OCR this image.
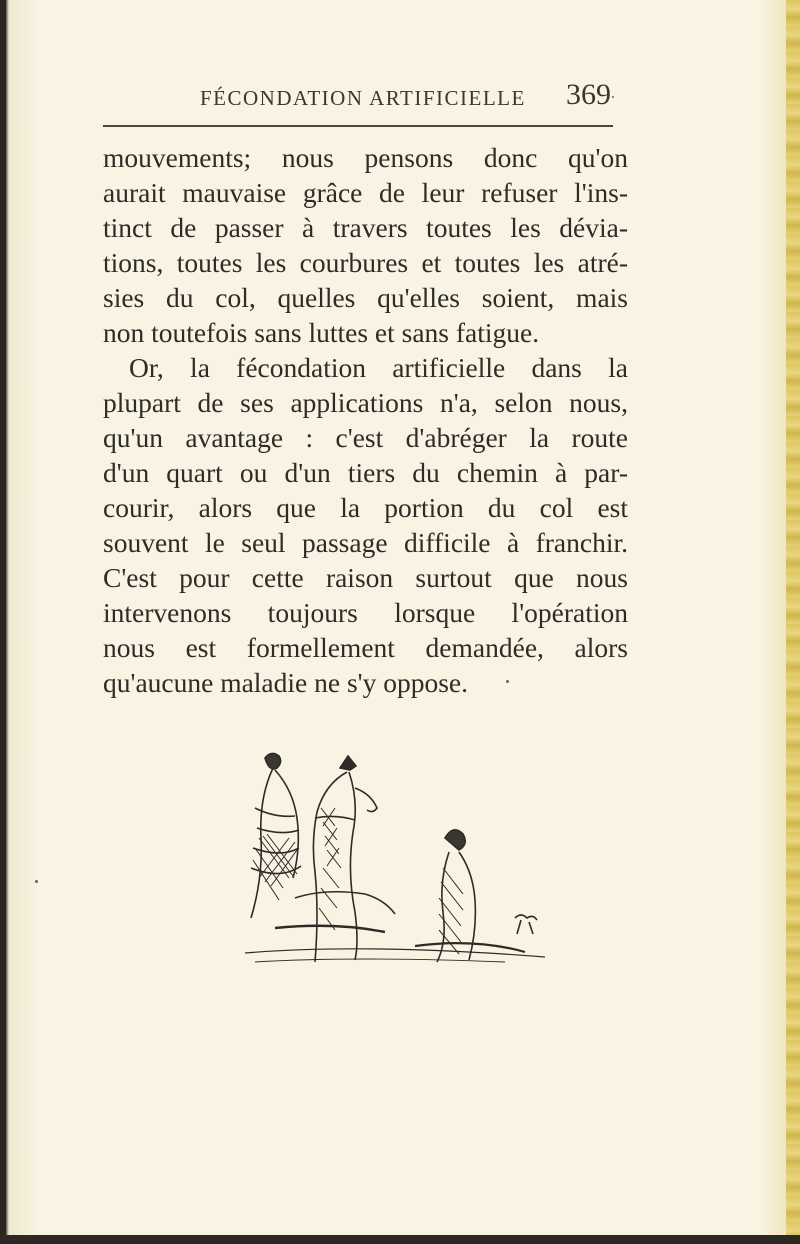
FÉCONDATION ARTIFICIELLE 369
mouvements; nous pensons donc qu'on
aurait mauvaise grâce de leur refuser l'ins-
tinct de passer à travers toutes les dévia-
tions, toutes les courbures et toutes les atré-
sies du col, quelles qu'elles soient, mais
non toutefois sans luttes et sans fatigue.
Or, la fécondation artificielle dans la
plupart de ses applications n'a, selon nous,
qu'un avantage : c'est d'abréger la route
d'un quart ou d'un tiers du chemin à par-
courir, alors que la portion du col est
souvent le seul passage difficile à franchir.
C'est pour cette raison surtout que nous
intervenons toujours lorsque l'opération
nous est formellement demandée, alors
qu'aucune maladie ne s'y oppose.
